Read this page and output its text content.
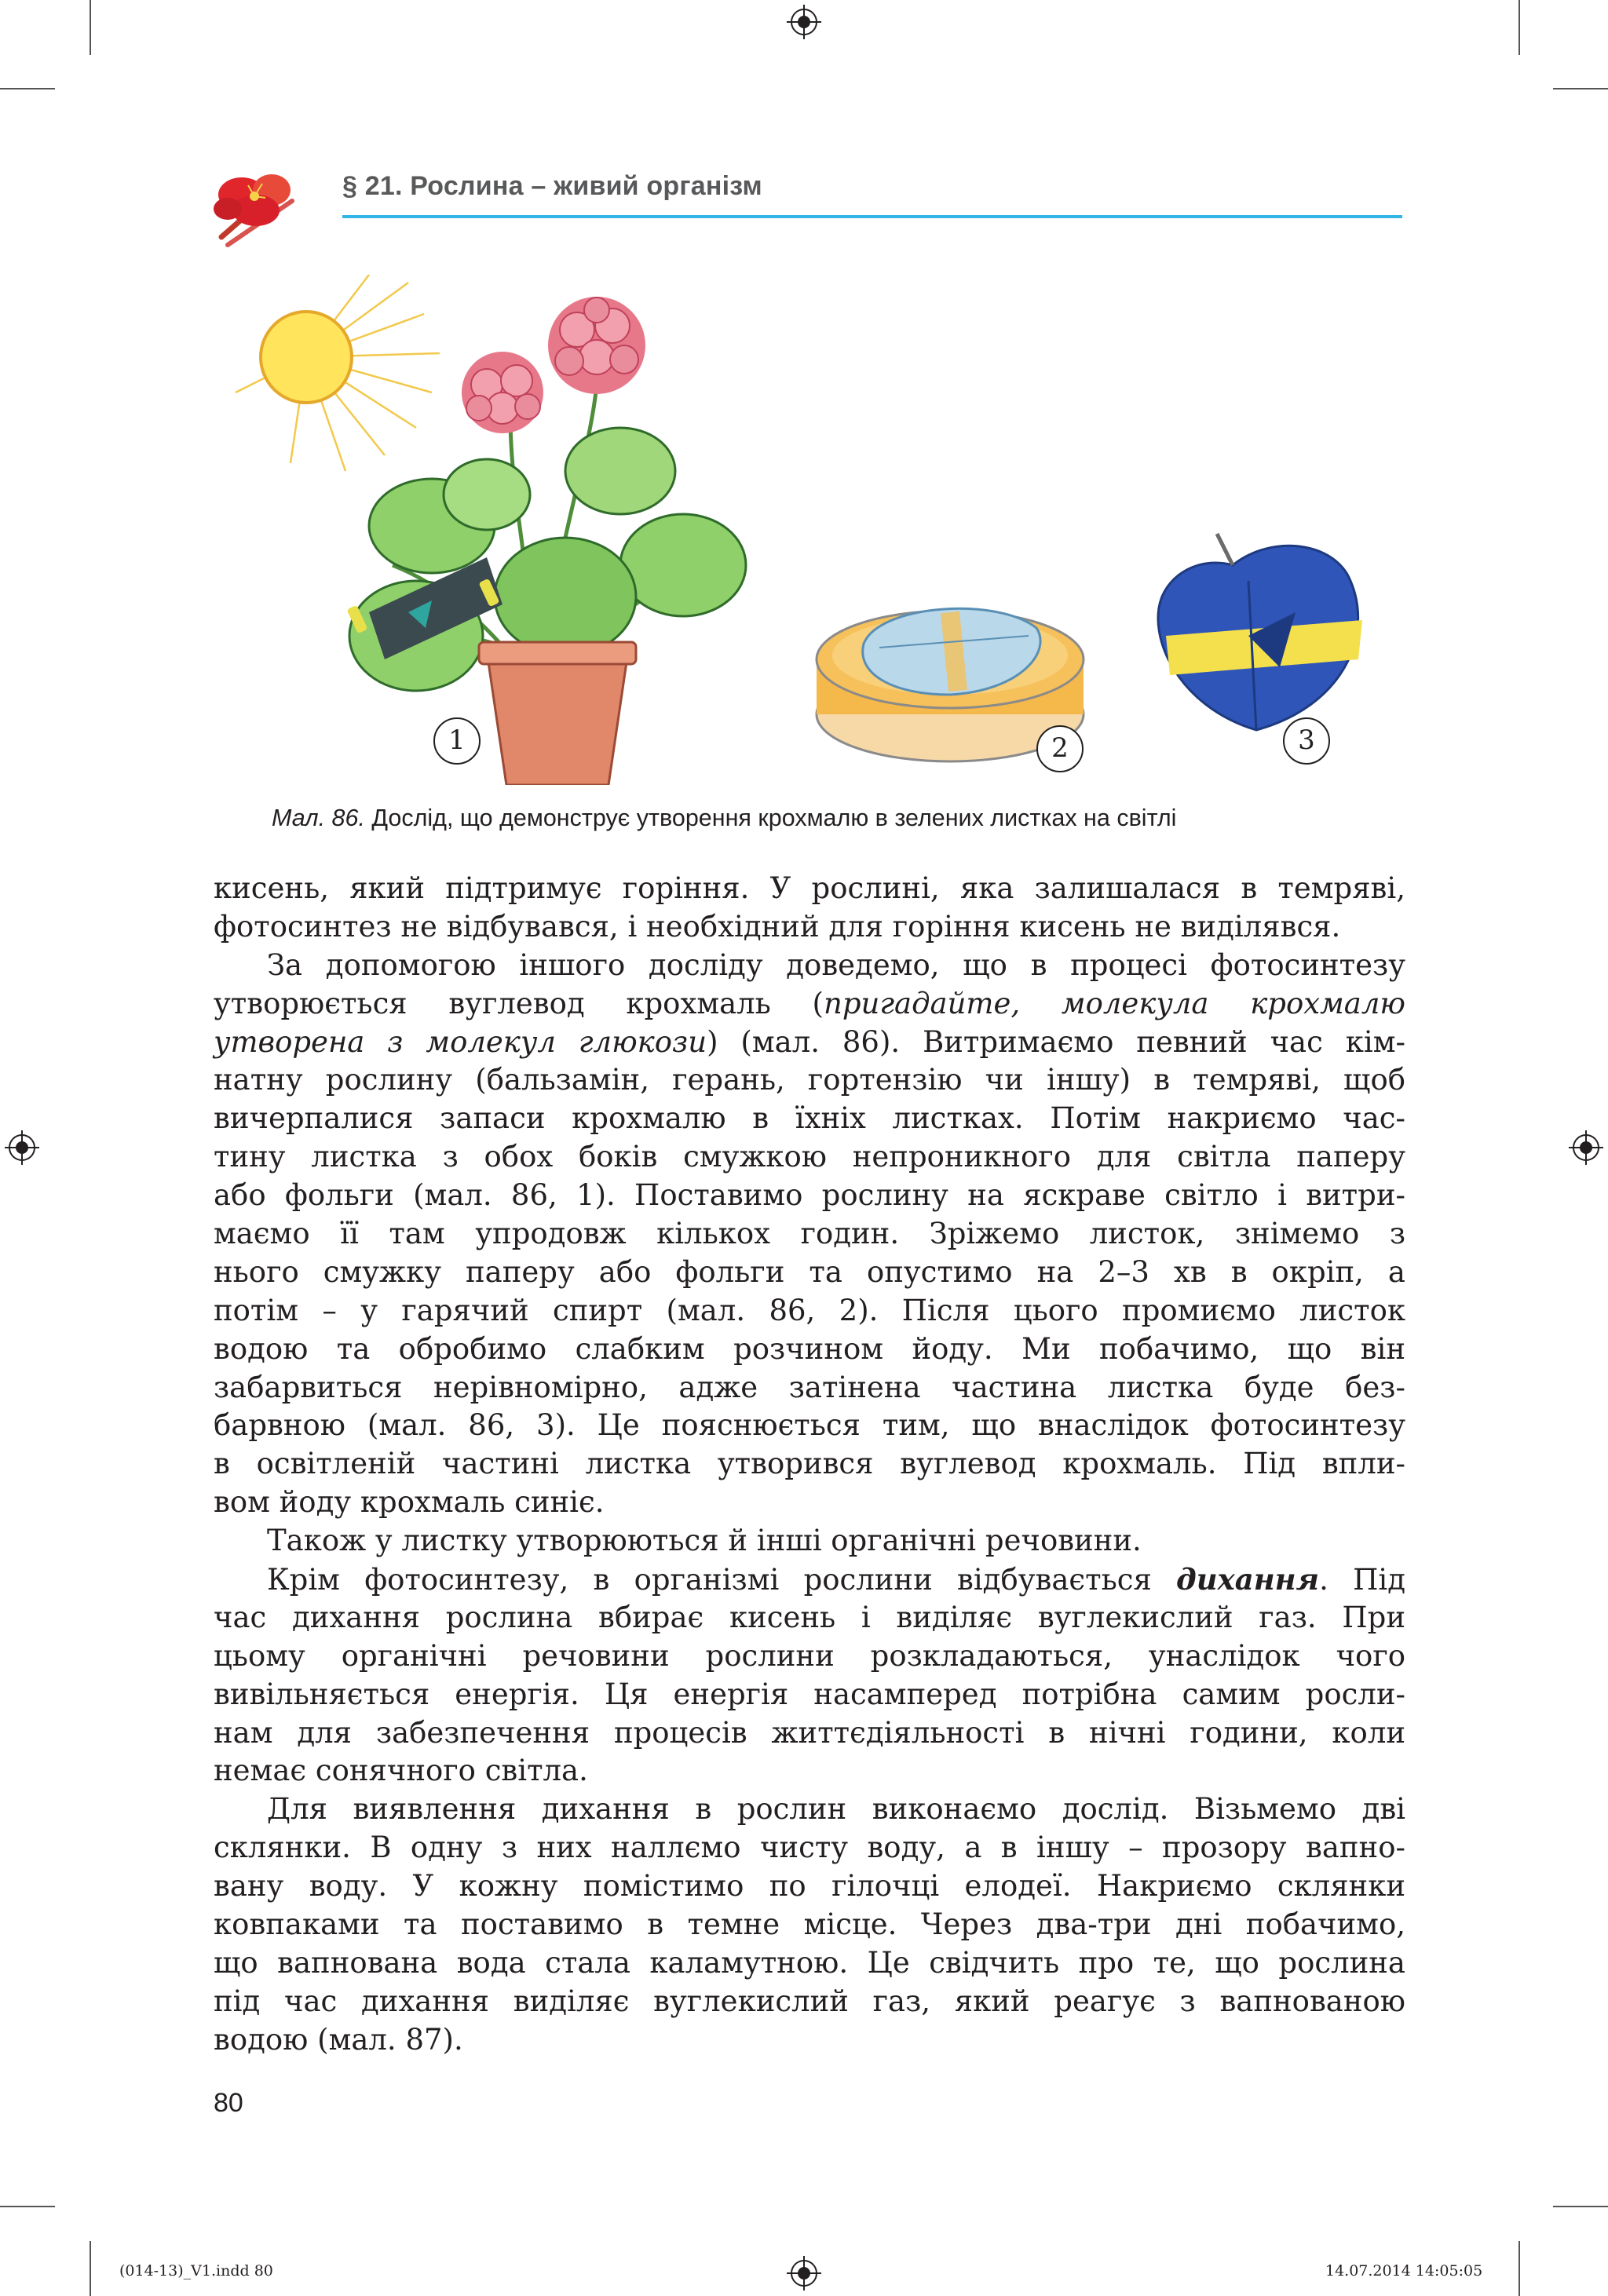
§ 21. Рослина – живий організм
1	2	3
Мал. 86. Дослід, що демонструє утворення крохмалю в зелених листках на світлі
кисень, який підтримує горіння. У рослині, яка залишалася в темряві,
фотосинтез не відбувався, і необхідний для горіння кисень не виділявся.
За допомогою іншого досліду доведемо, що в процесі фотосинтезу
утворюється вуглевод крохмаль (пригадайте, молекула крохмалю
утворена з молекул глюкози) (мал. 86). Витримаємо певний час кім-
натну рослину (бальзамін, герань, гортензію чи іншу) в темряві, щоб
вичерпалися запаси крохмалю в їхніх листках. Потім накриємо час-
тину листка з обох боків смужкою непроникного для світла паперу
або фольги (мал. 86, 1). Поставимо рослину на яскраве світло і витри-
маємо її там упродовж кількох годин. Зріжемо листок, знімемо з
нього смужку паперу або фольги та опустимо на 2–3 хв в окріп, а
потім – у гарячий спирт (мал. 86, 2). Після цього промиємо листок
водою та обробимо слабким розчином йоду. Ми побачимо, що він
забарвиться нерівномірно, адже затінена частина листка буде без-
барвною (мал. 86, 3). Це пояснюється тим, що внаслідок фотосинтезу
в освітленій частині листка утворився вуглевод крохмаль. Під впли-
вом йоду крохмаль синіє.
Також у листку утворюються й інші органічні речовини.
Крім фотосинтезу, в організмі рослини відбувається дихання. Під
час дихання рослина вбирає кисень і виділяє вуглекислий газ. При
цьому органічні речовини рослини розкладаються, унаслідок чого
вивільняється енергія. Ця енергія насамперед потрібна самим росли-
нам для забезпечення процесів життєдіяльності в нічні години, коли
немає сонячного світла.
Для виявлення дихання в рослин виконаємо дослід. Візьмемо дві
склянки. В одну з них наллємо чисту воду, а в іншу – прозору вапно-
вану воду. У кожну помістимо по гілочці елодеї. Накриємо склянки
ковпаками та поставимо в темне місце. Через два-три дні побачимо,
що вапнована вода стала каламутною. Це свідчить про те, що рослина
під час дихання виділяє вуглекислий газ, який реагує з вапнованою
водою (мал. 87).
80
(014-13)_V1.indd 80	14.07.2014 14:05:05
